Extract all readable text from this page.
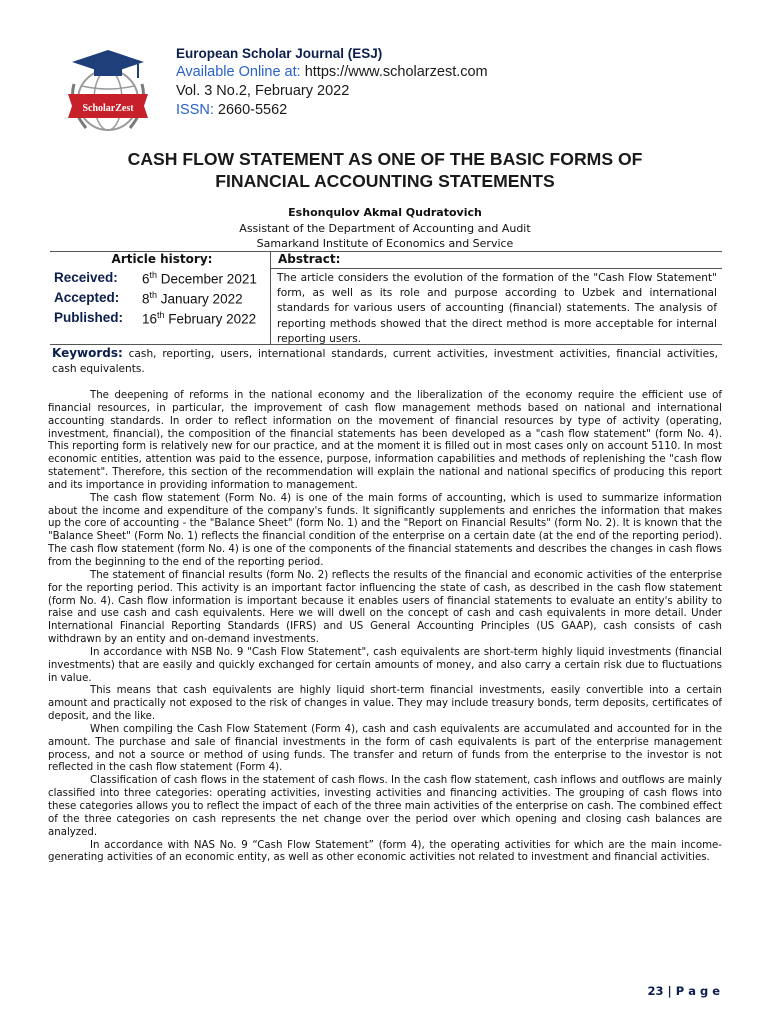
ScholarZest
European Scholar Journal (ESJ)
Available Online at: https://www.scholarzest.com
Vol. 3 No.2, February 2022
ISSN: 2660-5562
CASH FLOW STATEMENT AS ONE OF THE BASIC FORMS OF
FINANCIAL ACCOUNTING STATEMENTS
Eshonqulov Akmal Qudratovich
Assistant of the Department of Accounting and Audit
Samarkand Institute of Economics and Service
Article history:	Abstract:
Received: 6th December 2021
Accepted: 8th January 2022
Published: 16th February 2022
The article considers the evolution of the formation of the "Cash Flow Statement" form, as well as its role and purpose according to Uzbek and international standards for various users of accounting (financial) statements. The analysis of reporting methods showed that the direct method is more acceptable for internal reporting users.
Keywords: cash, reporting, users, international standards, current activities, investment activities, financial activities, cash equivalents.

The deepening of reforms in the national economy and the liberalization of the economy require the efficient use of financial resources, in particular, the improvement of cash flow management methods based on national and international accounting standards. In order to reflect information on the movement of financial resources by type of activity (operating, investment, financial), the composition of the financial statements has been developed as a "cash flow statement" (form No. 4). This reporting form is relatively new for our practice, and at the moment it is filled out in most cases only on account 5110. In most economic entities, attention was paid to the essence, purpose, information capabilities and methods of replenishing the "cash flow statement". Therefore, this section of the recommendation will explain the national and national specifics of producing this report and its importance in providing information to management.

The cash flow statement (Form No. 4) is one of the main forms of accounting, which is used to summarize information about the income and expenditure of the company's funds. It significantly supplements and enriches the information that makes up the core of accounting - the "Balance Sheet" (form No. 1) and the "Report on Financial Results" (form No. 2). It is known that the "Balance Sheet" (Form No. 1) reflects the financial condition of the enterprise on a certain date (at the end of the reporting period). The cash flow statement (form No. 4) is one of the components of the financial statements and describes the changes in cash flows from the beginning to the end of the reporting period.

The statement of financial results (form No. 2) reflects the results of the financial and economic activities of the enterprise for the reporting period. This activity is an important factor influencing the state of cash, as described in the cash flow statement (form No. 4). Cash flow information is important because it enables users of financial statements to evaluate an entity's ability to raise and use cash and cash equivalents. Here we will dwell on the concept of cash and cash equivalents in more detail. Under International Financial Reporting Standards (IFRS) and US General Accounting Principles (US GAAP), cash consists of cash withdrawn by an entity and on-demand investments.

In accordance with NSB No. 9 "Cash Flow Statement", cash equivalents are short-term highly liquid investments (financial investments) that are easily and quickly exchanged for certain amounts of money, and also carry a certain risk due to fluctuations in value.

This means that cash equivalents are highly liquid short-term financial investments, easily convertible into a certain amount and practically not exposed to the risk of changes in value. They may include treasury bonds, term deposits, certificates of deposit, and the like.

When compiling the Cash Flow Statement (Form 4), cash and cash equivalents are accumulated and accounted for in the amount. The purchase and sale of financial investments in the form of cash equivalents is part of the enterprise management process, and not a source or method of using funds. The transfer and return of funds from the enterprise to the investor is not reflected in the cash flow statement (Form 4).

Classification of cash flows in the statement of cash flows. In the cash flow statement, cash inflows and outflows are mainly classified into three categories: operating activities, investing activities and financing activities. The grouping of cash flows into these categories allows you to reflect the impact of each of the three main activities of the enterprise on cash. The combined effect of the three categories on cash represents the net change over the period over which opening and closing cash balances are analyzed.

In accordance with NAS No. 9 “Cash Flow Statement” (form 4), the operating activities for which are the main income-generating activities of an economic entity, as well as other economic activities not related to investment and financial activities.

23 | P a g e
